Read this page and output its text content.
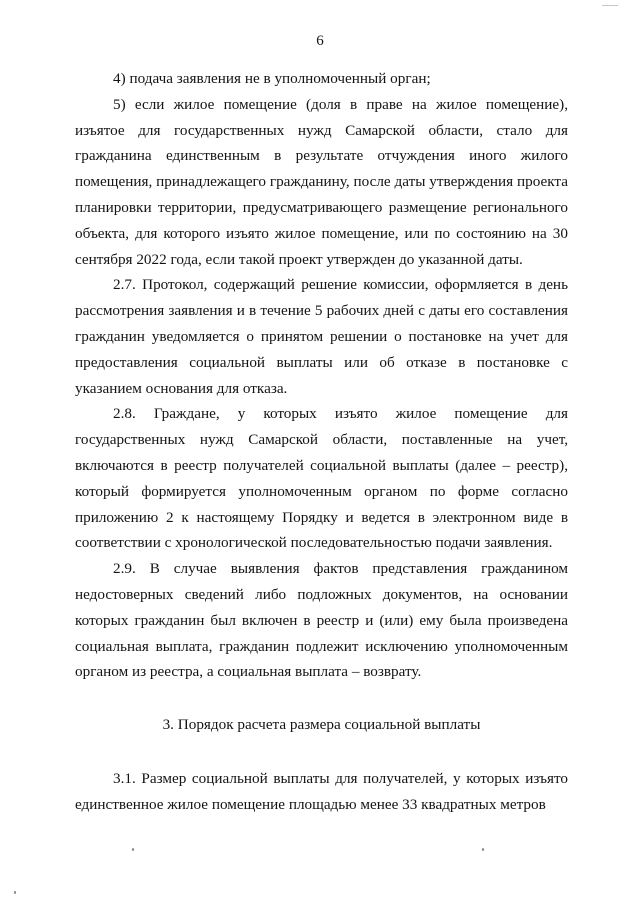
6

4) подача заявления не в уполномоченный орган;

5) если жилое помещение (доля в праве на жилое помещение), изъятое для государственных нужд Самарской области, стало для гражданина единственным в результате отчуждения иного жилого помещения, принадлежащего гражданину, после даты утверждения проекта планировки территории, предусматривающего размещение регионального объекта, для которого изъято жилое помещение, или по состоянию на 30 сентября 2022 года, если такой проект утвержден до указанной даты.

2.7. Протокол, содержащий решение комиссии, оформляется в день рассмотрения заявления и в течение 5 рабочих дней с даты его составления гражданин уведомляется о принятом решении о постановке на учет для предоставления социальной выплаты или об отказе в постановке с указанием основания для отказа.

2.8. Граждане, у которых изъято жилое помещение для государственных нужд Самарской области, поставленные на учет, включаются в реестр получателей социальной выплаты (далее – реестр), который формируется уполномоченным органом по форме согласно приложению 2 к настоящему Порядку и ведется в электронном виде в соответствии с хронологической последовательностью подачи заявления.

2.9. В случае выявления фактов представления гражданином недостоверных сведений либо подложных документов, на основании которых гражданин был включен в реестр и (или) ему была произведена социальная выплата, гражданин подлежит исключению уполномоченным органом из реестра, а социальная выплата – возврату.

3. Порядок расчета размера социальной выплаты

3.1. Размер социальной выплаты для получателей, у которых изъято единственное жилое помещение площадью менее 33 квадратных метров
